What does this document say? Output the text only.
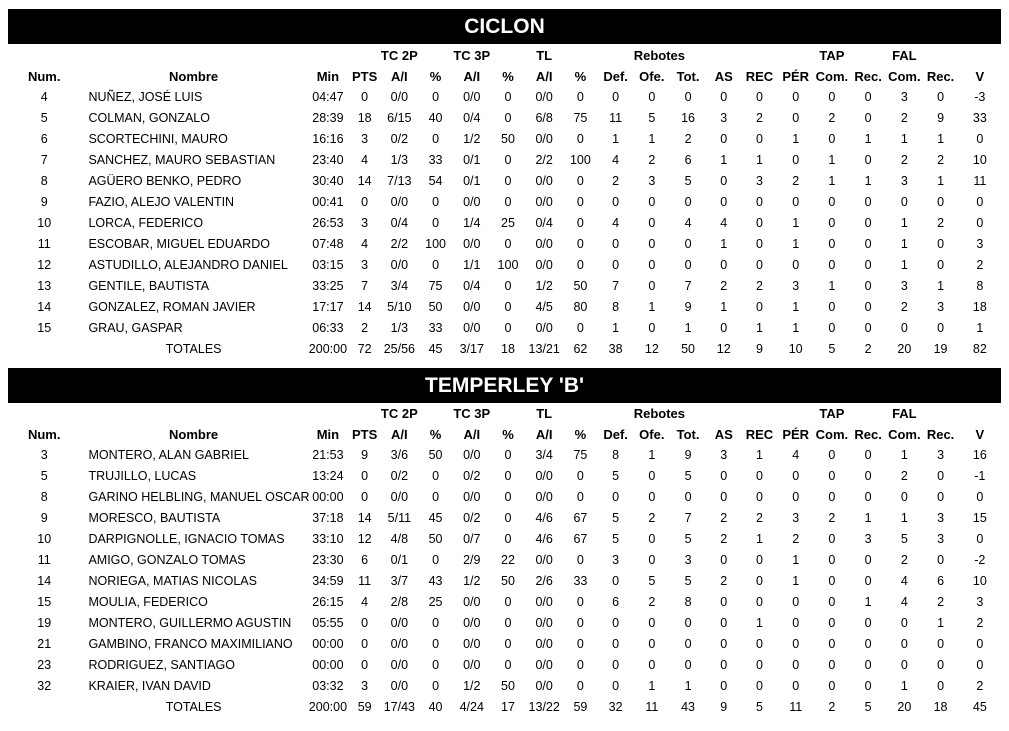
CICLON
				TC 2P		TC 3P		TL			Rebotes					TAP		FAL		
Num.	Nombre	Min	PTS	A/I	%	A/I	%	A/I	%	Def.	Ofe.	Tot.	AS	REC	PÉR	Com.	Rec.	Com.	Rec.	V
4	NUÑEZ, JOSÉ LUIS	04:47	0	0/0	0	0/0	0	0/0	0	0	0	0	0	0	0	0	0	3	0	-3
5	COLMAN, GONZALO	28:39	18	6/15	40	0/4	0	6/8	75	11	5	16	3	2	0	2	0	2	9	33
6	SCORTECHINI, MAURO	16:16	3	0/2	0	1/2	50	0/0	0	1	1	2	0	0	1	0	1	1	1	0
7	SANCHEZ, MAURO SEBASTIAN	23:40	4	1/3	33	0/1	0	2/2	100	4	2	6	1	1	0	1	0	2	2	10
8	AGÜERO BENKO, PEDRO	30:40	14	7/13	54	0/1	0	0/0	0	2	3	5	0	3	2	1	1	3	1	11
9	FAZIO, ALEJO VALENTIN	00:41	0	0/0	0	0/0	0	0/0	0	0	0	0	0	0	0	0	0	0	0	0
10	LORCA, FEDERICO	26:53	3	0/4	0	1/4	25	0/4	0	4	0	4	4	0	1	0	0	1	2	0
11	ESCOBAR, MIGUEL EDUARDO	07:48	4	2/2	100	0/0	0	0/0	0	0	0	0	1	0	1	0	0	1	0	3
12	ASTUDILLO, ALEJANDRO DANIEL	03:15	3	0/0	0	1/1	100	0/0	0	0	0	0	0	0	0	0	0	1	0	2
13	GENTILE, BAUTISTA	33:25	7	3/4	75	0/4	0	1/2	50	7	0	7	2	2	3	1	0	3	1	8
14	GONZALEZ, ROMAN JAVIER	17:17	14	5/10	50	0/0	0	4/5	80	8	1	9	1	0	1	0	0	2	3	18
15	GRAU, GASPAR	06:33	2	1/3	33	0/0	0	0/0	0	1	0	1	0	1	1	0	0	0	0	1
	TOTALES	200:00	72	25/56	45	3/17	18	13/21	62	38	12	50	12	9	10	5	2	20	19	82
TEMPERLEY 'B'
				TC 2P		TC 3P		TL			Rebotes					TAP		FAL		
Num.	Nombre	Min	PTS	A/I	%	A/I	%	A/I	%	Def.	Ofe.	Tot.	AS	REC	PÉR	Com.	Rec.	Com.	Rec.	V
3	MONTERO, ALAN GABRIEL	21:53	9	3/6	50	0/0	0	3/4	75	8	1	9	3	1	4	0	0	1	3	16
5	TRUJILLO, LUCAS	13:24	0	0/2	0	0/2	0	0/0	0	5	0	5	0	0	0	0	0	2	0	-1
8	GARINO HELBLING, MANUEL OSCAR	00:00	0	0/0	0	0/0	0	0/0	0	0	0	0	0	0	0	0	0	0	0	0
9	MORESCO, BAUTISTA	37:18	14	5/11	45	0/2	0	4/6	67	5	2	7	2	2	3	2	1	1	3	15
10	DARPIGNOLLE, IGNACIO TOMAS	33:10	12	4/8	50	0/7	0	4/6	67	5	0	5	2	1	2	0	3	5	3	0
11	AMIGO, GONZALO TOMAS	23:30	6	0/1	0	2/9	22	0/0	0	3	0	3	0	0	1	0	0	2	0	-2
14	NORIEGA, MATIAS NICOLAS	34:59	11	3/7	43	1/2	50	2/6	33	0	5	5	2	0	1	0	0	4	6	10
15	MOULIA, FEDERICO	26:15	4	2/8	25	0/0	0	0/0	0	6	2	8	0	0	0	0	1	4	2	3
19	MONTERO, GUILLERMO AGUSTIN	05:55	0	0/0	0	0/0	0	0/0	0	0	0	0	0	1	0	0	0	0	1	2
21	GAMBINO, FRANCO MAXIMILIANO	00:00	0	0/0	0	0/0	0	0/0	0	0	0	0	0	0	0	0	0	0	0	0
23	RODRIGUEZ, SANTIAGO	00:00	0	0/0	0	0/0	0	0/0	0	0	0	0	0	0	0	0	0	0	0	0
32	KRAIER, IVAN DAVID	03:32	3	0/0	0	1/2	50	0/0	0	0	1	1	0	0	0	0	0	1	0	2
	TOTALES	200:00	59	17/43	40	4/24	17	13/22	59	32	11	43	9	5	11	2	5	20	18	45
